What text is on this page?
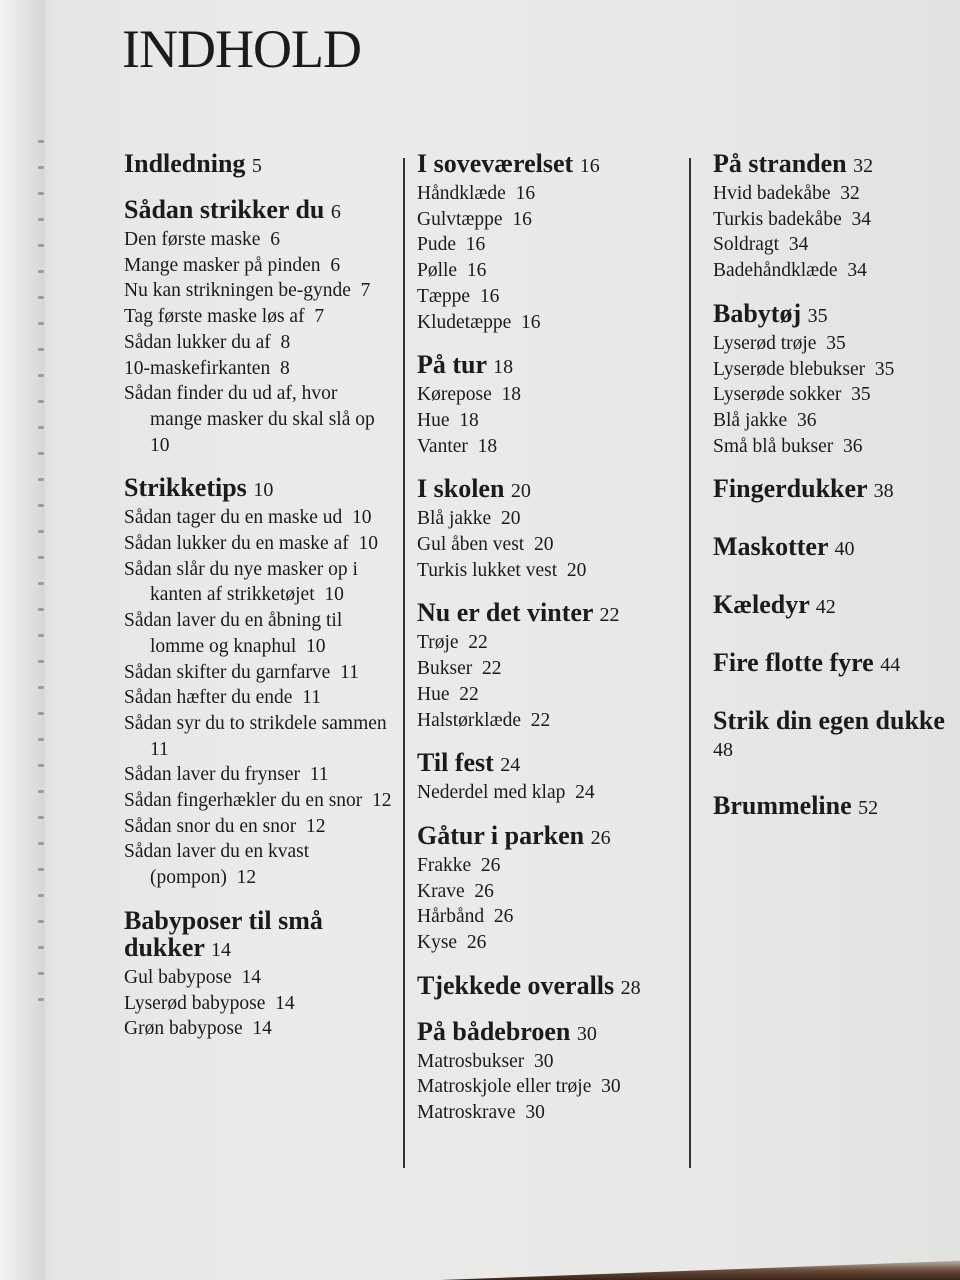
INDHOLD
Indledning 5
Sådan strikker du 6
Den første maske 6
Mange masker på pinden 6
Nu kan strikningen be-gynde 7
Tag første maske løs af 7
Sådan lukker du af 8
10-maskefirkanten 8
Sådan finder du ud af, hvor mange masker du skal slå op  10
Strikketips 10
Sådan tager du en maske ud 10
Sådan lukker du en maske af 10
Sådan slår du nye masker op i kanten af strikketøjet 10
Sådan laver du en åbning til lomme og knaphul 10
Sådan skifter du garnfarve 11
Sådan hæfter du ende 11
Sådan syr du to strikdele sammen  11
Sådan laver du frynser 11
Sådan fingerhækler du en snor 12
Sådan snor du en snor 12
Sådan laver du en kvast (pompon) 12
Babyposer til små dukker 14
Gul babypose 14
Lyserød babypose 14
Grøn babypose 14
I soveværelset 16
Håndklæde 16
Gulvtæppe 16
Pude 16
Pølle 16
Tæppe 16
Kludetæppe 16
På tur 18
Kørepose 18
Hue 18
Vanter 18
I skolen 20
Blå jakke 20
Gul åben vest 20
Turkis lukket vest 20
Nu er det vinter 22
Trøje 22
Bukser 22
Hue 22
Halstørklæde 22
Til fest 24
Nederdel med klap 24
Gåtur i parken 26
Frakke 26
Krave 26
Hårbånd 26
Kyse 26
Tjekkede overalls 28
På bådebroen 30
Matrosbukser 30
Matroskjole eller trøje 30
Matroskrave 30
På stranden 32
Hvid badekåbe 32
Turkis badekåbe 34
Soldragt 34
Badehåndklæde 34
Babytøj 35
Lyserød trøje 35
Lyserøde blebukser 35
Lyserøde sokker 35
Blå jakke 36
Små blå bukser 36
Fingerdukker 38
Maskotter 40
Kæledyr 42
Fire flotte fyre 44
Strik din egen dukke 48
Brummeline 52
